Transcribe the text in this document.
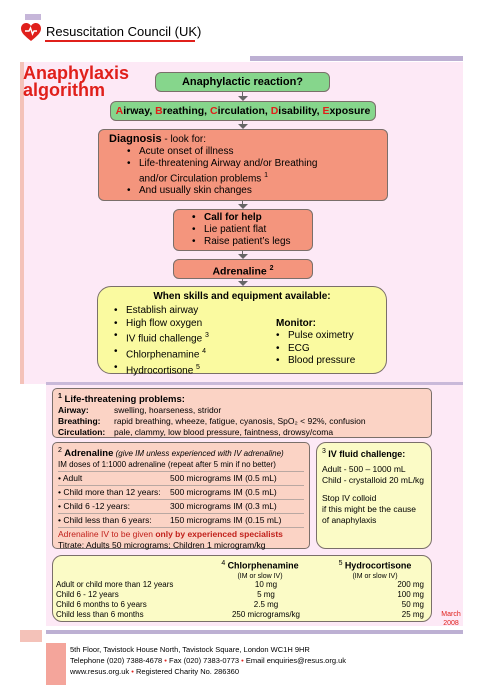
Resuscitation Council (UK)
Anaphylaxis
algorithm	Anaphylactic reaction?
Airway, Breathing, Circulation, Disability, Exposure
Diagnosis - look for:
• Acute onset of illness
• Life-threatening Airway and/or Breathing and/or Circulation problems $^1$
• And usually skin changes
• Call for help
• Lie patient flat
• Raise patient’s legs
Adrenaline $^2$
When skills and equipment available:
• Establish airway
• High flow oxygen
• IV fluid challenge $^3$
• Chlorphenamine $^4$
• Hydrocortisone $^5$
Monitor:
• Pulse oximetry
• ECG
• Blood pressure
$^1$ Life-threatening problems:
Airway:	swelling, hoarseness, stridor
Breathing: rapid breathing, wheeze, fatigue, cyanosis, SpO₂ < 92%, confusion
Circulation: pale, clammy, low blood pressure, faintness, drowsy/coma
$^2$ Adrenaline (give IM unless experienced with IV adrenaline)
IM doses of 1:1000 adrenaline (repeat after 5 min if no better)
• Adult	500 micrograms IM (0.5 mL)
• Child more than 12 years: 500 micrograms IM (0.5 mL)
• Child 6 -12 years:	300 micrograms IM (0.3 mL)
• Child less than 6 years: 150 micrograms IM (0.15 mL)
Adrenaline IV to be given only by experienced specialists
Titrate: Adults 50 micrograms; Children 1 microgram/kg
$^3$ IV fluid challenge:
Adult - 500 – 1000 mL
Child - crystalloid 20 mL/kg
Stop IV colloid
if this might be the cause
of anaphylaxis
$^4$ Chlorphenamine
(IM or slow IV)
$^5$ Hydrocortisone
(IM or slow IV)
Adult or child more than 12 years	10 mg	200 mg
Child 6 - 12 years	5 mg	100 mg
Child 6 months to 6 years	2.5 mg	50 mg
Child less than 6 months	250 micrograms/kg	25 mg	March
2008
5th Floor, Tavistock House North, Tavistock Square, London WC1H 9HR
Telephone (020) 7388-4678 • Fax (020) 7383-0773 • Email enquiries@resus.org.uk
www.resus.org.uk • Registered Charity No. 286360
